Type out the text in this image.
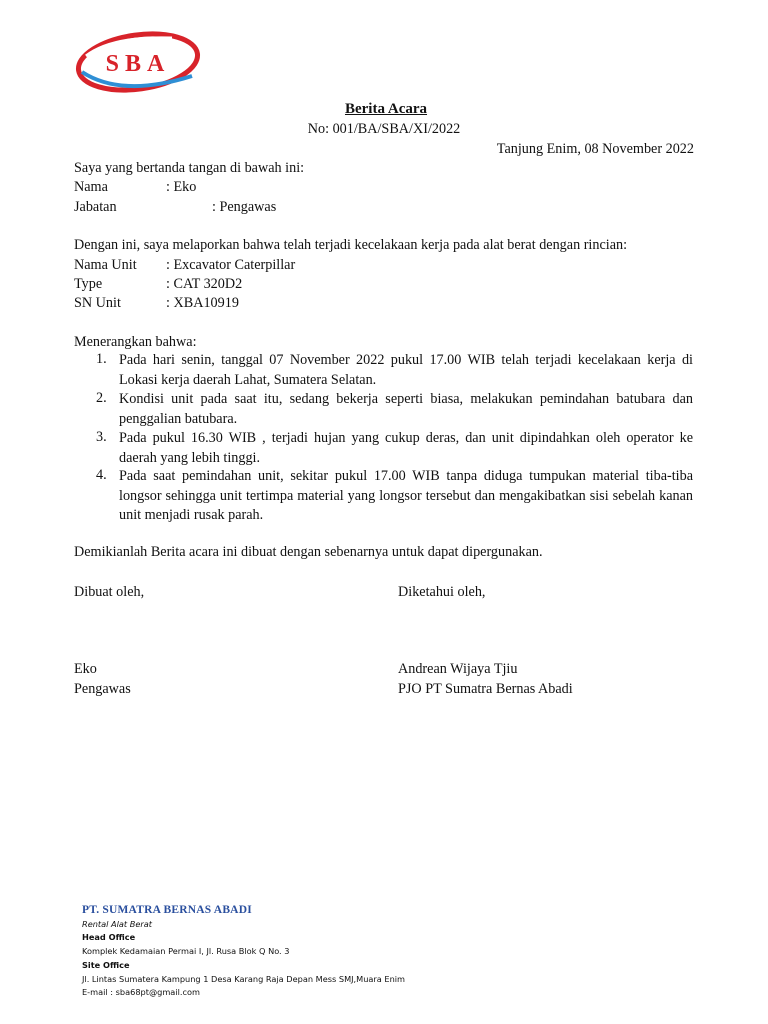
SBA
Berita Acara
No: 001/BA/SBA/XI/2022
Tanjung Enim, 08 November 2022
Saya yang bertanda tangan di bawah ini:
Nama	: Eko
Jabatan	: Pengawas
Dengan ini, saya melaporkan bahwa telah terjadi kecelakaan kerja pada alat berat dengan rincian:
Nama Unit : Excavator Caterpillar
Type	: CAT 320D2
SN Unit	: XBA10919
Menerangkan bahwa:
1. Pada hari senin, tanggal 07 November 2022 pukul 17.00 WIB telah terjadi kecelakaan kerja di Lokasi kerja daerah Lahat, Sumatera Selatan.
2. Kondisi unit pada saat itu, sedang bekerja seperti biasa, melakukan pemindahan batubara dan penggalian batubara.
3. Pada pukul 16.30 WIB , terjadi hujan yang cukup deras, dan unit dipindahkan oleh operator ke daerah yang lebih tinggi.
4. Pada saat pemindahan unit, sekitar pukul 17.00 WIB tanpa diduga tumpukan material tiba-tiba longsor sehingga unit tertimpa material yang longsor tersebut dan mengakibatkan sisi sebelah kanan unit menjadi rusak parah.
Demikianlah Berita acara ini dibuat dengan sebenarnya untuk dapat dipergunakan.
Dibuat oleh,	Diketahui oleh,
Eko	Andrean Wijaya Tjiu
Pengawas	PJO PT Sumatra Bernas Abadi
PT. SUMATRA BERNAS ABADI
Rental Alat Berat
Head Office
Komplek Kedamaian Permai I, Jl. Rusa Blok Q No. 3
Site Office
Jl. Lintas Sumatera Kampung 1 Desa Karang Raja Depan Mess SMJ,Muara Enim
E-mail : sba68pt@gmail.com
